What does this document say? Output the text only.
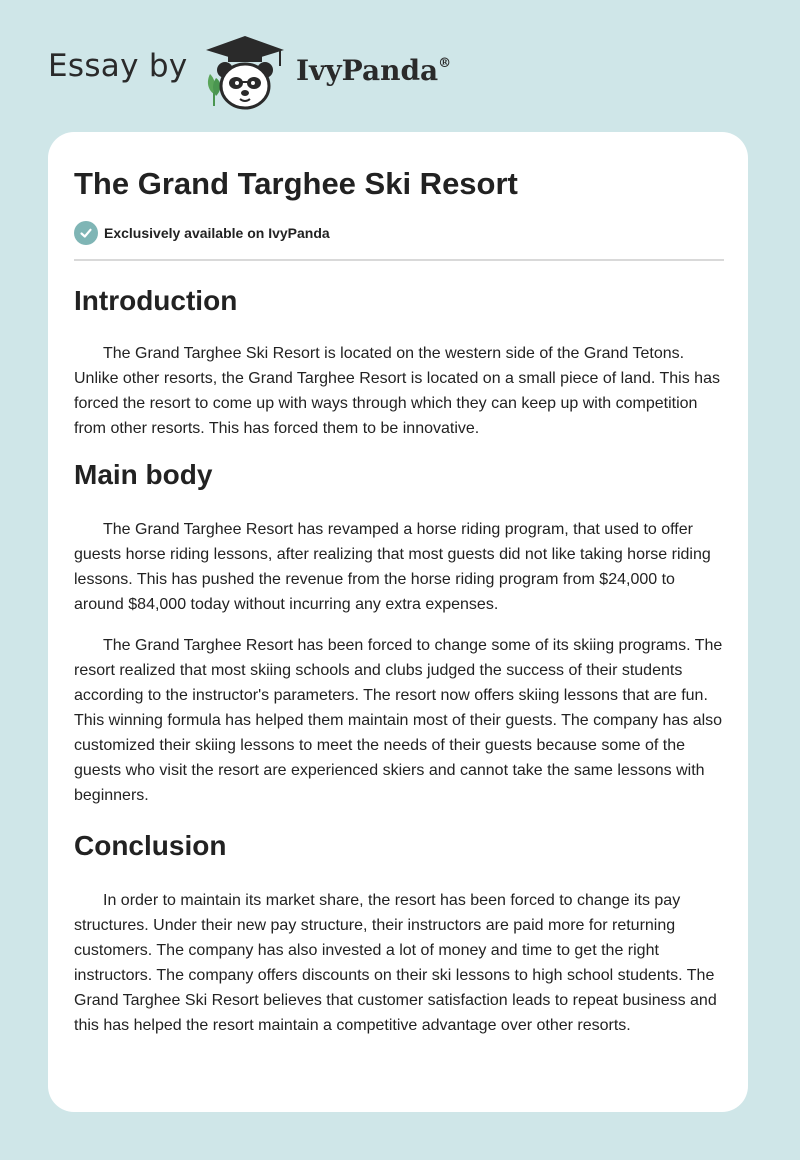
Essay by	IvyPanda®
The Grand Targhee Ski Resort
Exclusively available on IvyPanda
Introduction

The Grand Targhee Ski Resort is located on the western side of the Grand Tetons. Unlike other resorts, the Grand Targhee Resort is located on a small piece of land. This has forced the resort to come up with ways through which they can keep up with competition from other resorts. This has forced them to be innovative.

Main body

The Grand Targhee Resort has revamped a horse riding program, that used to offer guests horse riding lessons, after realizing that most guests did not like taking horse riding lessons. This has pushed the revenue from the horse riding program from $24,000 to around $84,000 today without incurring any extra expenses.

The Grand Targhee Resort has been forced to change some of its skiing programs. The resort realized that most skiing schools and clubs judged the success of their students according to the instructor's parameters. The resort now offers skiing lessons that are fun. This winning formula has helped them maintain most of their guests. The company has also customized their skiing lessons to meet the needs of their guests because some of the guests who visit the resort are experienced skiers and cannot take the same lessons with beginners.

Conclusion

In order to maintain its market share, the resort has been forced to change its pay structures. Under their new pay structure, their instructors are paid more for returning customers. The company has also invested a lot of money and time to get the right instructors. The company offers discounts on their ski lessons to high school students. The Grand Targhee Ski Resort believes that customer satisfaction leads to repeat business and this has helped the resort maintain a competitive advantage over other resorts.
